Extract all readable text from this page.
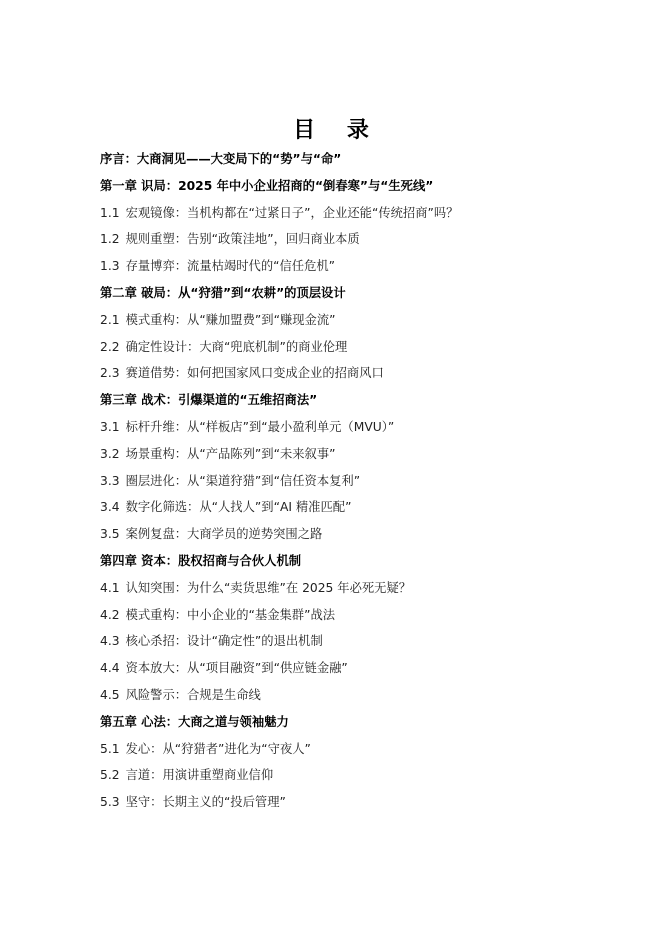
目 录
序言：大商洞见——大变局下的“势”与“命”
第一章 识局：2025 年中小企业招商的“倒春寒”与“生死线”
1.1 宏观镜像：当机构都在“过紧日子”，企业还能“传统招商”吗？
1.2 规则重塑：告别“政策洼地”，回归商业本质
1.3 存量博弈：流量枯竭时代的“信任危机”
第二章 破局：从“狩猎”到“农耕”的顶层设计
2.1 模式重构：从“赚加盟费”到“赚现金流”
2.2 确定性设计：大商“兜底机制”的商业伦理
2.3 赛道借势：如何把国家风口变成企业的招商风口
第三章 战术：引爆渠道的“五维招商法”
3.1 标杆升维：从“样板店”到“最小盈利单元（MVU）”
3.2 场景重构：从“产品陈列”到“未来叙事”
3.3 圈层进化：从“渠道狩猎”到“信任资本复利”
3.4 数字化筛选：从“人找人”到“AI 精准匹配”
3.5 案例复盘：大商学员的逆势突围之路
第四章 资本：股权招商与合伙人机制
4.1 认知突围：为什么“卖货思维”在 2025 年必死无疑？
4.2 模式重构：中小企业的“基金集群”战法
4.3 核心杀招：设计“确定性”的退出机制
4.4 资本放大：从“项目融资”到“供应链金融”
4.5 风险警示：合规是生命线
第五章 心法：大商之道与领袖魅力
5.1 发心：从“狩猎者”进化为“守夜人”
5.2 言道：用演讲重塑商业信仰
5.3 坚守：长期主义的“投后管理”
